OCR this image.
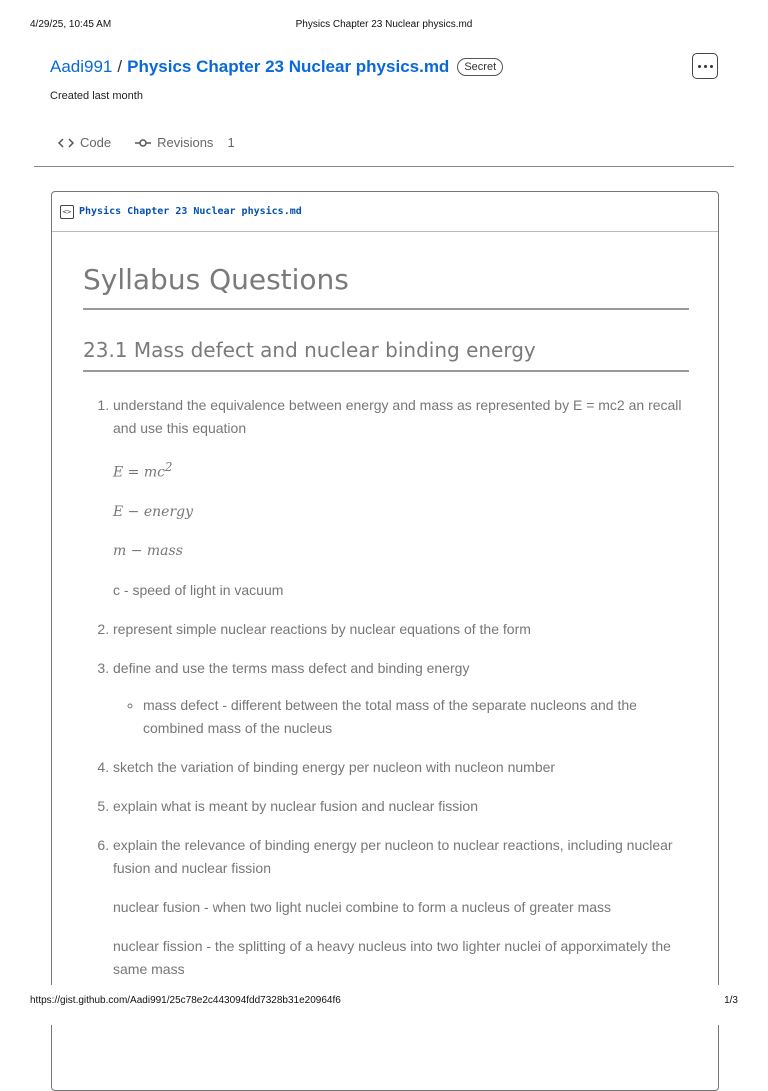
4/29/25, 10:45 AM	Physics Chapter 23 Nuclear physics.md
Aadi991 / Physics Chapter 23 Nuclear physics.md	Secret
Created last month
Code	Revisions 1
<> Physics Chapter 23 Nuclear physics.md
Syllabus Questions
23.1 Mass defect and nuclear binding energy
1. understand the equivalence between energy and mass as represented by E = mc2 an recall and use this equation
$E = mc^2$
E − energy
m − mass
c - speed of light in vacuum
2. represent simple nuclear reactions by nuclear equations of the form
3. define and use the terms mass defect and binding energy
◦ mass defect - different between the total mass of the separate nucleons and the combined mass of the nucleus
4. sketch the variation of binding energy per nucleon with nucleon number
5. explain what is meant by nuclear fusion and nuclear fission
6. explain the relevance of binding energy per nucleon to nuclear reactions, including nuclear fusion and nuclear fission
nuclear fusion - when two light nuclei combine to form a nucleus of greater mass
nuclear fission - the splitting of a heavy nucleus into two lighter nuclei of apporximately the same mass
https://gist.github.com/Aadi991/25c78e2c443094fdd7328b31e20964f6	1/3
